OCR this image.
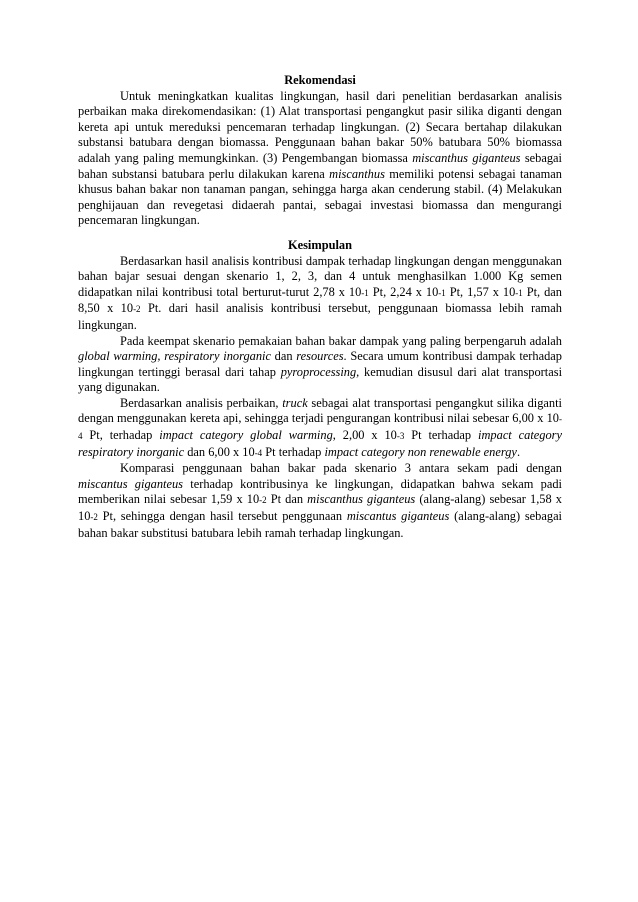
Rekomendasi

Untuk meningkatkan kualitas lingkungan, hasil dari penelitian berdasarkan analisis perbaikan maka direkomendasikan: (1) Alat transportasi pengangkut pasir silika diganti dengan kereta api untuk mereduksi pencemaran terhadap lingkungan. (2) Secara bertahap dilakukan substansi batubara dengan biomassa. Penggunaan bahan bakar 50% batubara 50% biomassa adalah yang paling memungkinkan. (3) Pengembangan biomassa miscanthus giganteus sebagai bahan substansi batubara perlu dilakukan karena miscanthus memiliki potensi sebagai tanaman khusus bahan bakar non tanaman pangan, sehingga harga akan cenderung stabil. (4) Melakukan penghijauan dan revegetasi didaerah pantai, sebagai investasi biomassa dan mengurangi pencemaran lingkungan.

Kesimpulan

Berdasarkan hasil analisis kontribusi dampak terhadap lingkungan dengan menggunakan bahan bajar sesuai dengan skenario 1, 2, 3, dan 4 untuk menghasilkan 1.000 Kg semen didapatkan nilai kontribusi total berturut-turut 2,78 x 10-1 Pt, 2,24 x 10-1 Pt, 1,57 x 10-1 Pt, dan 8,50 x 10-2 Pt. dari hasil analisis kontribusi tersebut, penggunaan biomassa lebih ramah lingkungan.

Pada keempat skenario pemakaian bahan bakar dampak yang paling berpengaruh adalah global warming, respiratory inorganic dan resources. Secara umum kontribusi dampak terhadap lingkungan tertinggi berasal dari tahap pyroprocessing, kemudian disusul dari alat transportasi yang digunakan.

Berdasarkan analisis perbaikan, truck sebagai alat transportasi pengangkut silika diganti dengan menggunakan kereta api, sehingga terjadi pengurangan kontribusi nilai sebesar 6,00 x 10-4 Pt, terhadap impact category global warming, 2,00 x 10-3 Pt terhadap impact category respiratory inorganic dan 6,00 x 10-4 Pt terhadap impact category non renewable energy.

Komparasi penggunaan bahan bakar pada skenario 3 antara sekam padi dengan miscantus giganteus terhadap kontribusinya ke lingkungan, didapatkan bahwa sekam padi memberikan nilai sebesar 1,59 x 10-2 Pt dan miscanthus giganteus (alang-alang) sebesar 1,58 x 10-2 Pt, sehingga dengan hasil tersebut penggunaan miscantus giganteus (alang-alang) sebagai bahan bakar substitusi batubara lebih ramah terhadap lingkungan.
